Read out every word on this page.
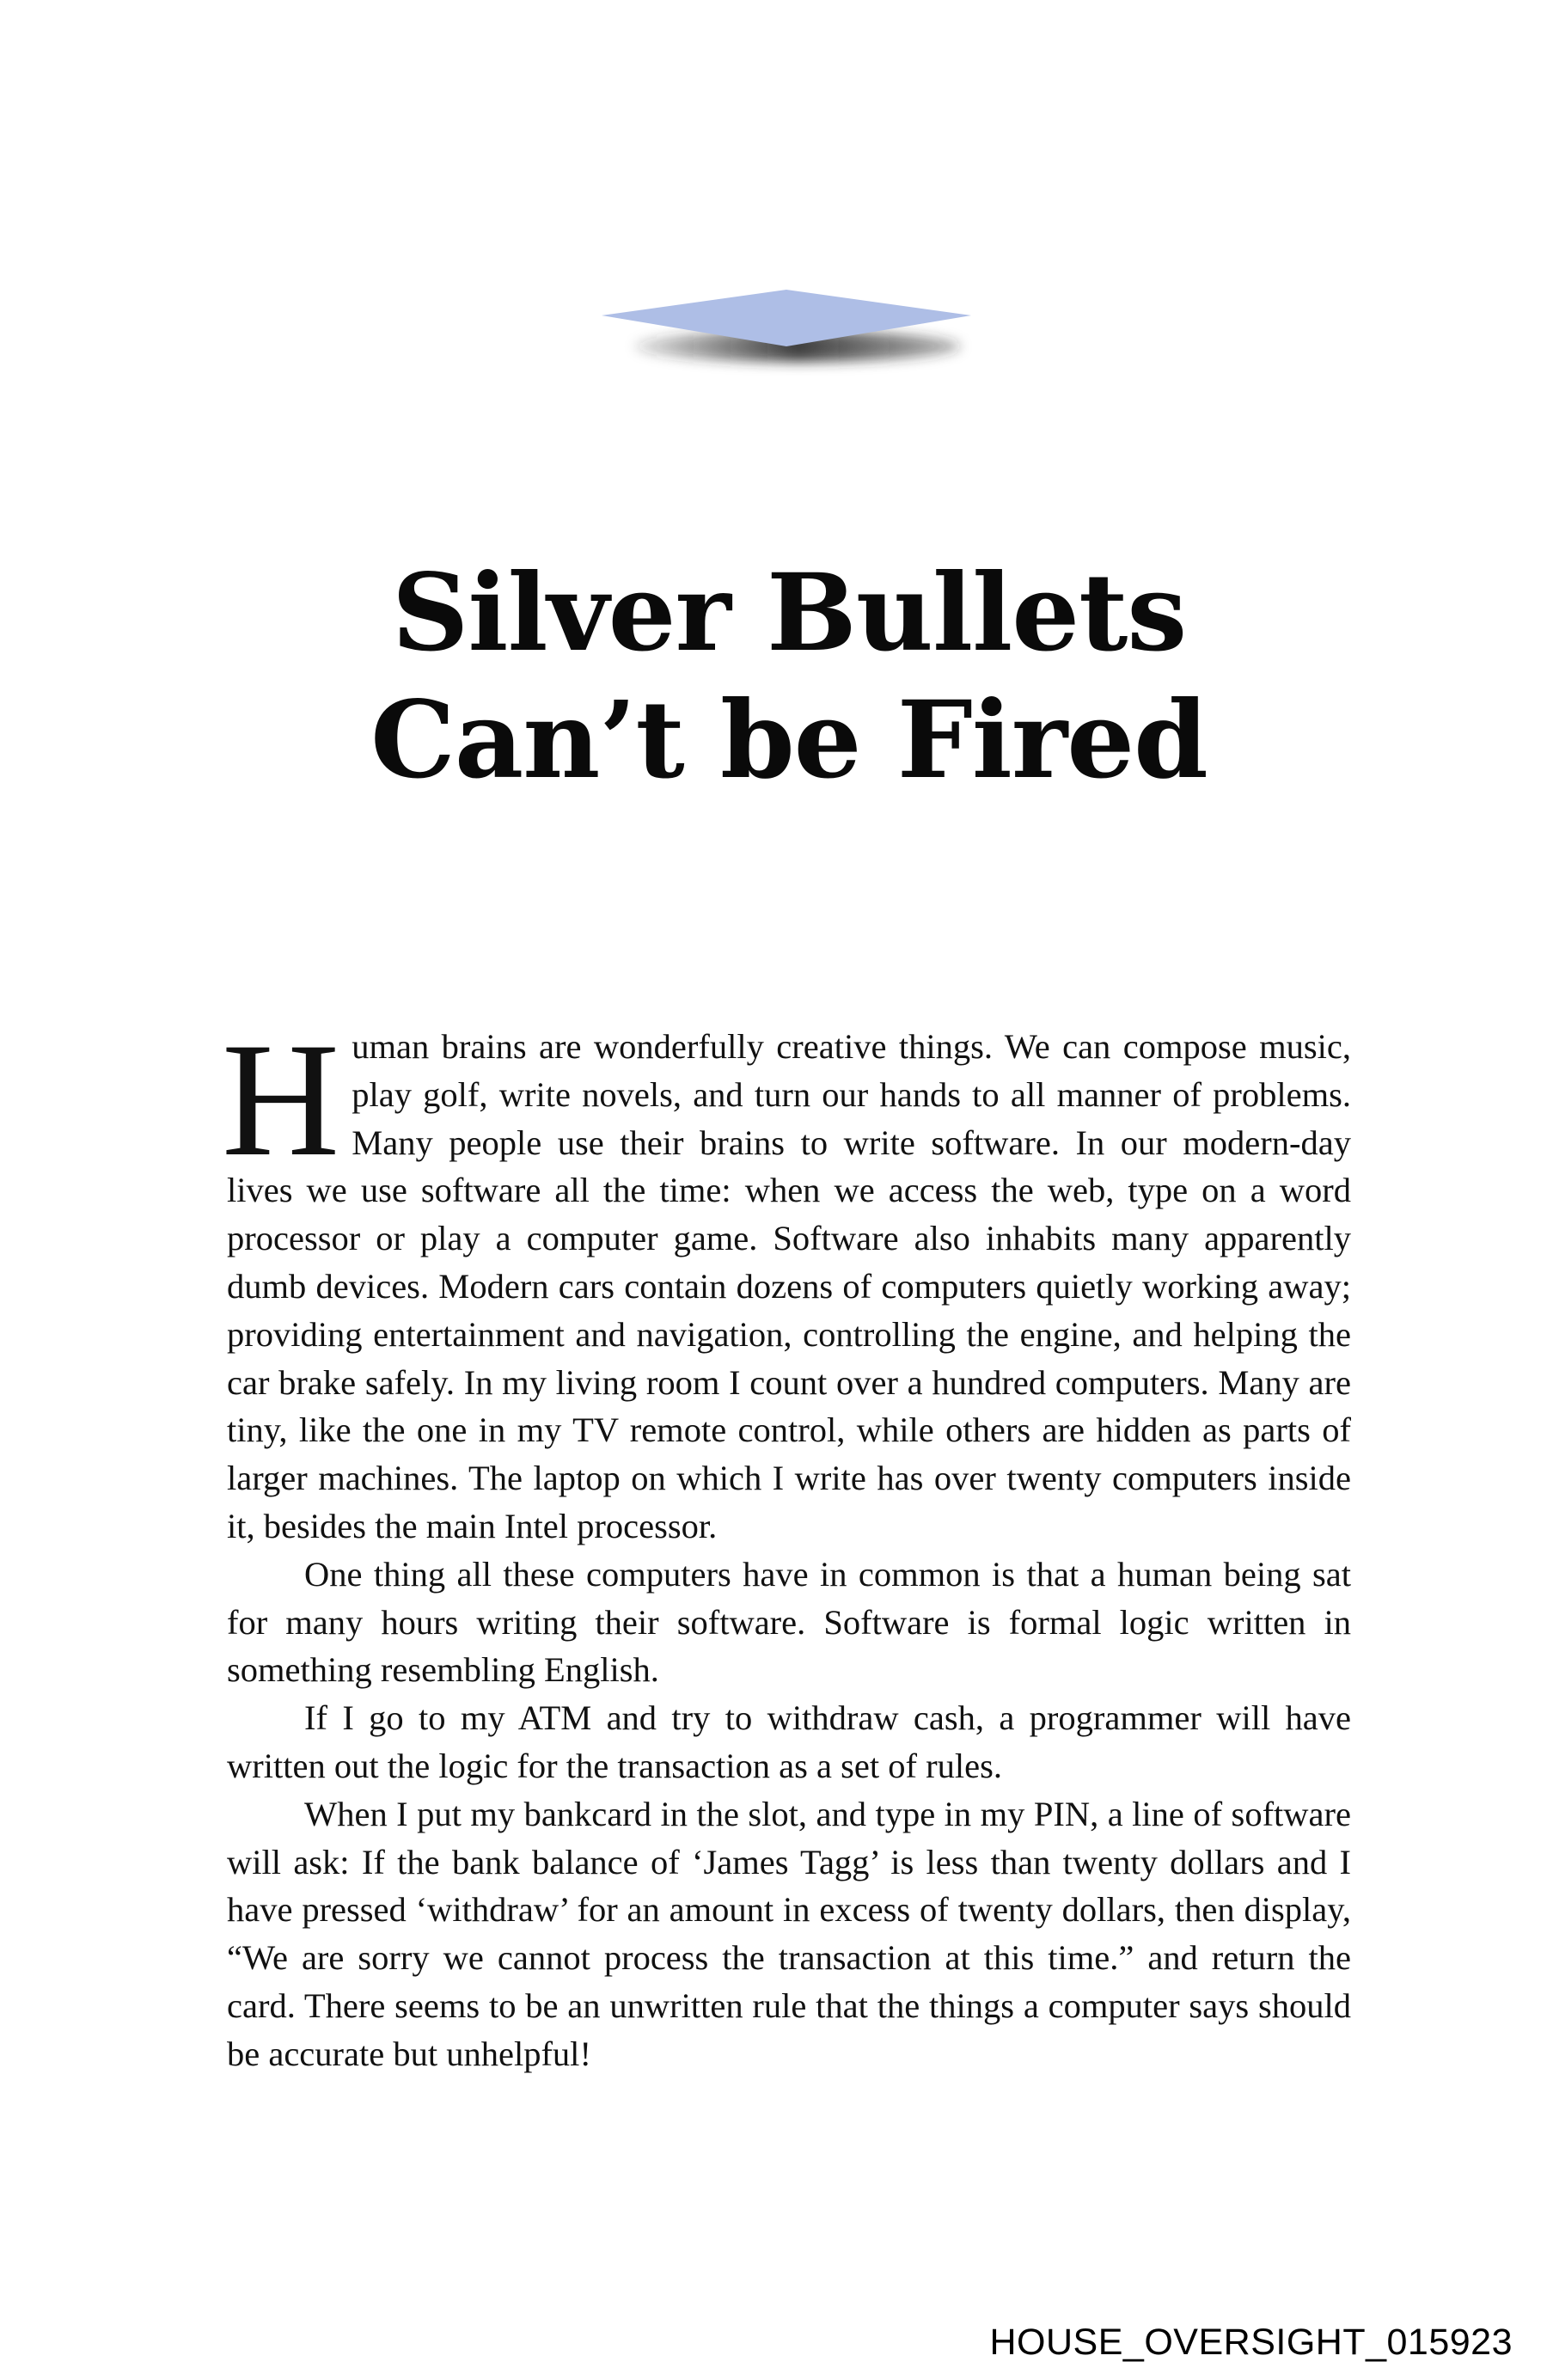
Silver Bullets
Can’t be Fired

Human brains are wonderfully creative things. We can compose music, play golf, write novels, and turn our hands to all manner of problems. Many people use their brains to write software. In our modern-day lives we use software all the time: when we access the web, type on a word processor or play a computer game. Software also inhabits many apparently dumb devices. Modern cars contain dozens of computers quietly working away; providing entertainment and navigation, controlling the engine, and helping the car brake safely. In my living room I count over a hundred computers. Many are tiny, like the one in my TV remote control, while others are hidden as parts of larger machines. The laptop on which I write has over twenty computers inside it, besides the main Intel processor.

One thing all these computers have in common is that a human being sat for many hours writing their software. Software is formal logic written in something resembling English.

If I go to my ATM and try to withdraw cash, a programmer will have written out the logic for the transaction as a set of rules.

When I put my bankcard in the slot, and type in my PIN, a line of software will ask: If the bank balance of ‘James Tagg’ is less than twenty dollars and I have pressed ‘withdraw’ for an amount in excess of twenty dollars, then display, “We are sorry we cannot process the transaction at this time.” and return the card. There seems to be an unwritten rule that the things a computer says should be accurate but unhelpful!

HOUSE_OVERSIGHT_015923
